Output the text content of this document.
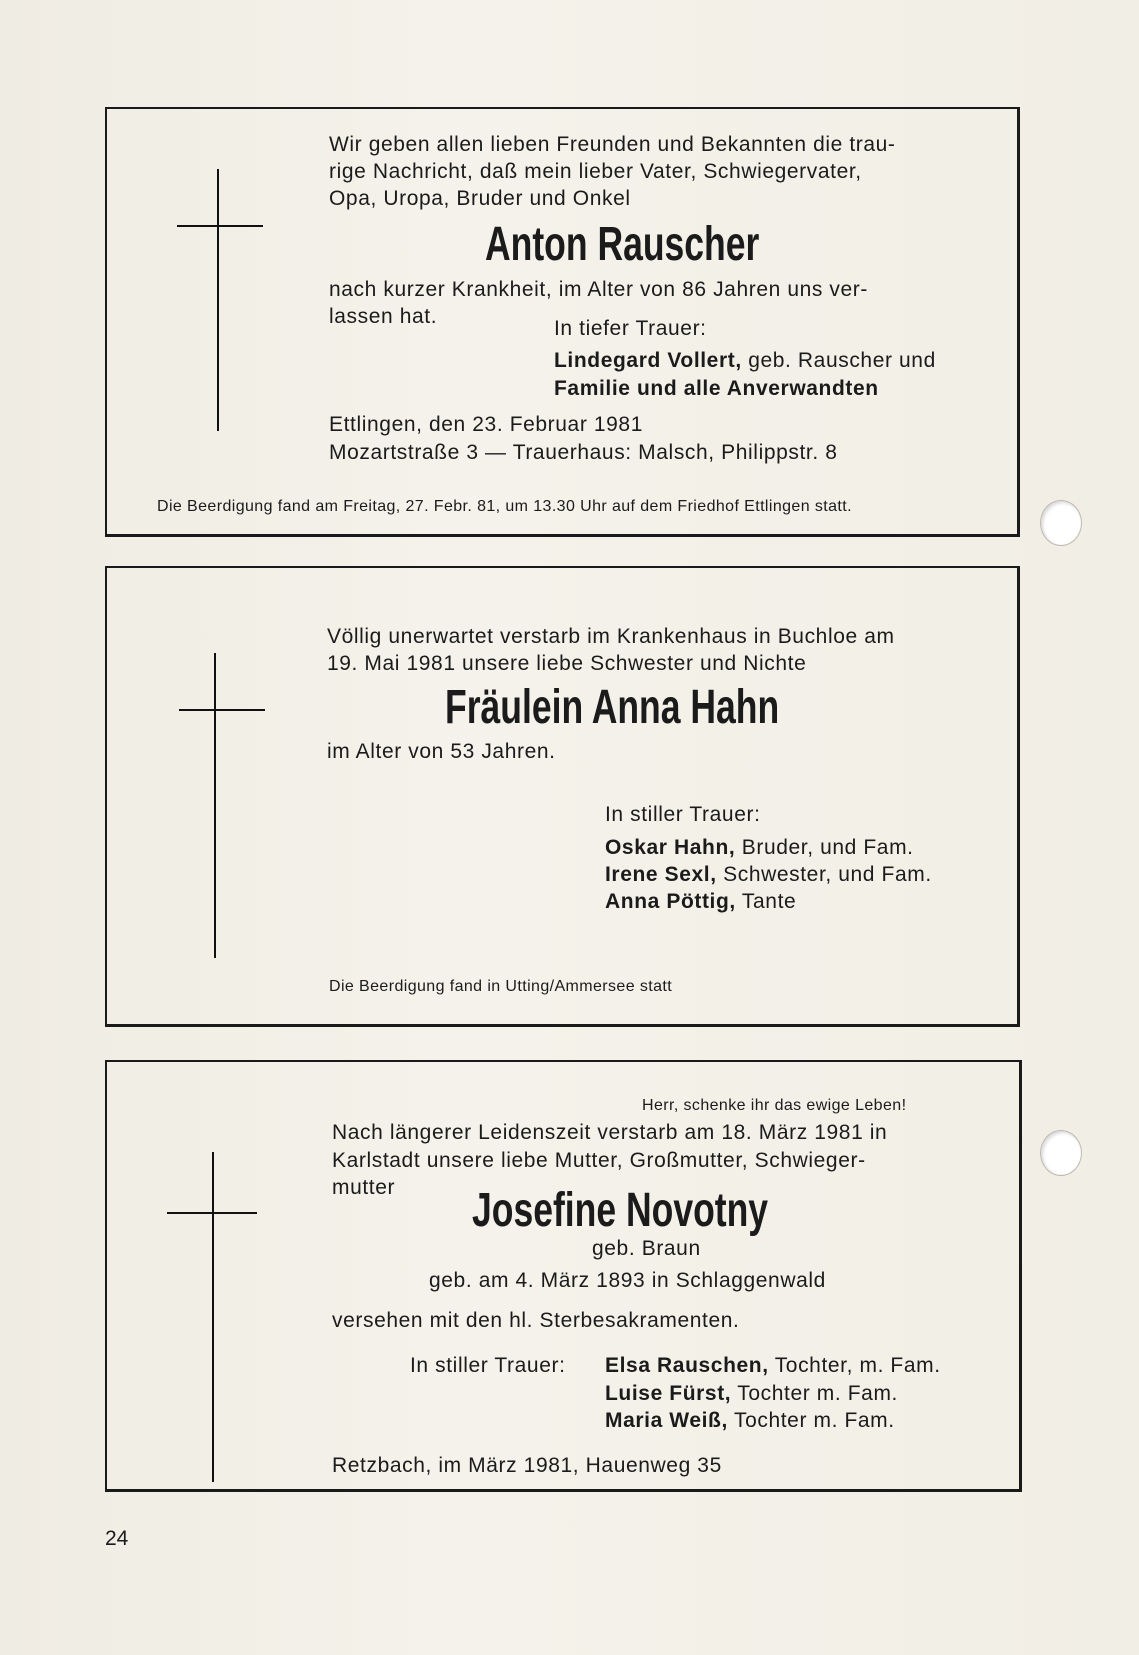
Wir geben allen lieben Freunden und Bekannten die trau-
rige Nachricht, daß mein lieber Vater, Schwiegervater,
Opa, Uropa, Bruder und Onkel
Anton Rauscher
nach kurzer Krankheit, im Alter von 86 Jahren uns ver-
lassen hat.
In tiefer Trauer:
Lindegard Vollert, geb. Rauscher und
Familie und alle Anverwandten
Ettlingen, den 23. Februar 1981
Mozartstraße 3 — Trauerhaus: Malsch, Philippstr. 8
Die Beerdigung fand am Freitag, 27. Febr. 81, um 13.30 Uhr auf dem Friedhof Ettlingen statt.
Völlig unerwartet verstarb im Krankenhaus in Buchloe am
19. Mai 1981 unsere liebe Schwester und Nichte
Fräulein Anna Hahn
im Alter von 53 Jahren.
In stiller Trauer:
Oskar Hahn, Bruder, und Fam.
Irene Sexl, Schwester, und Fam.
Anna Pöttig, Tante
Die Beerdigung fand in Utting/Ammersee statt
Herr, schenke ihr das ewige Leben!
Nach längerer Leidenszeit verstarb am 18. März 1981 in
Karlstadt unsere liebe Mutter, Großmutter, Schwieger-
mutter Josefine Novotny
geb. Braun
geb. am 4. März 1893 in Schlaggenwald
versehen mit den hl. Sterbesakramenten.
In stiller Trauer: Elsa Rauschen, Tochter, m. Fam.
Luise Fürst, Tochter m. Fam.
Maria Weiß, Tochter m. Fam.
Retzbach, im März 1981, Hauenweg 35
24
